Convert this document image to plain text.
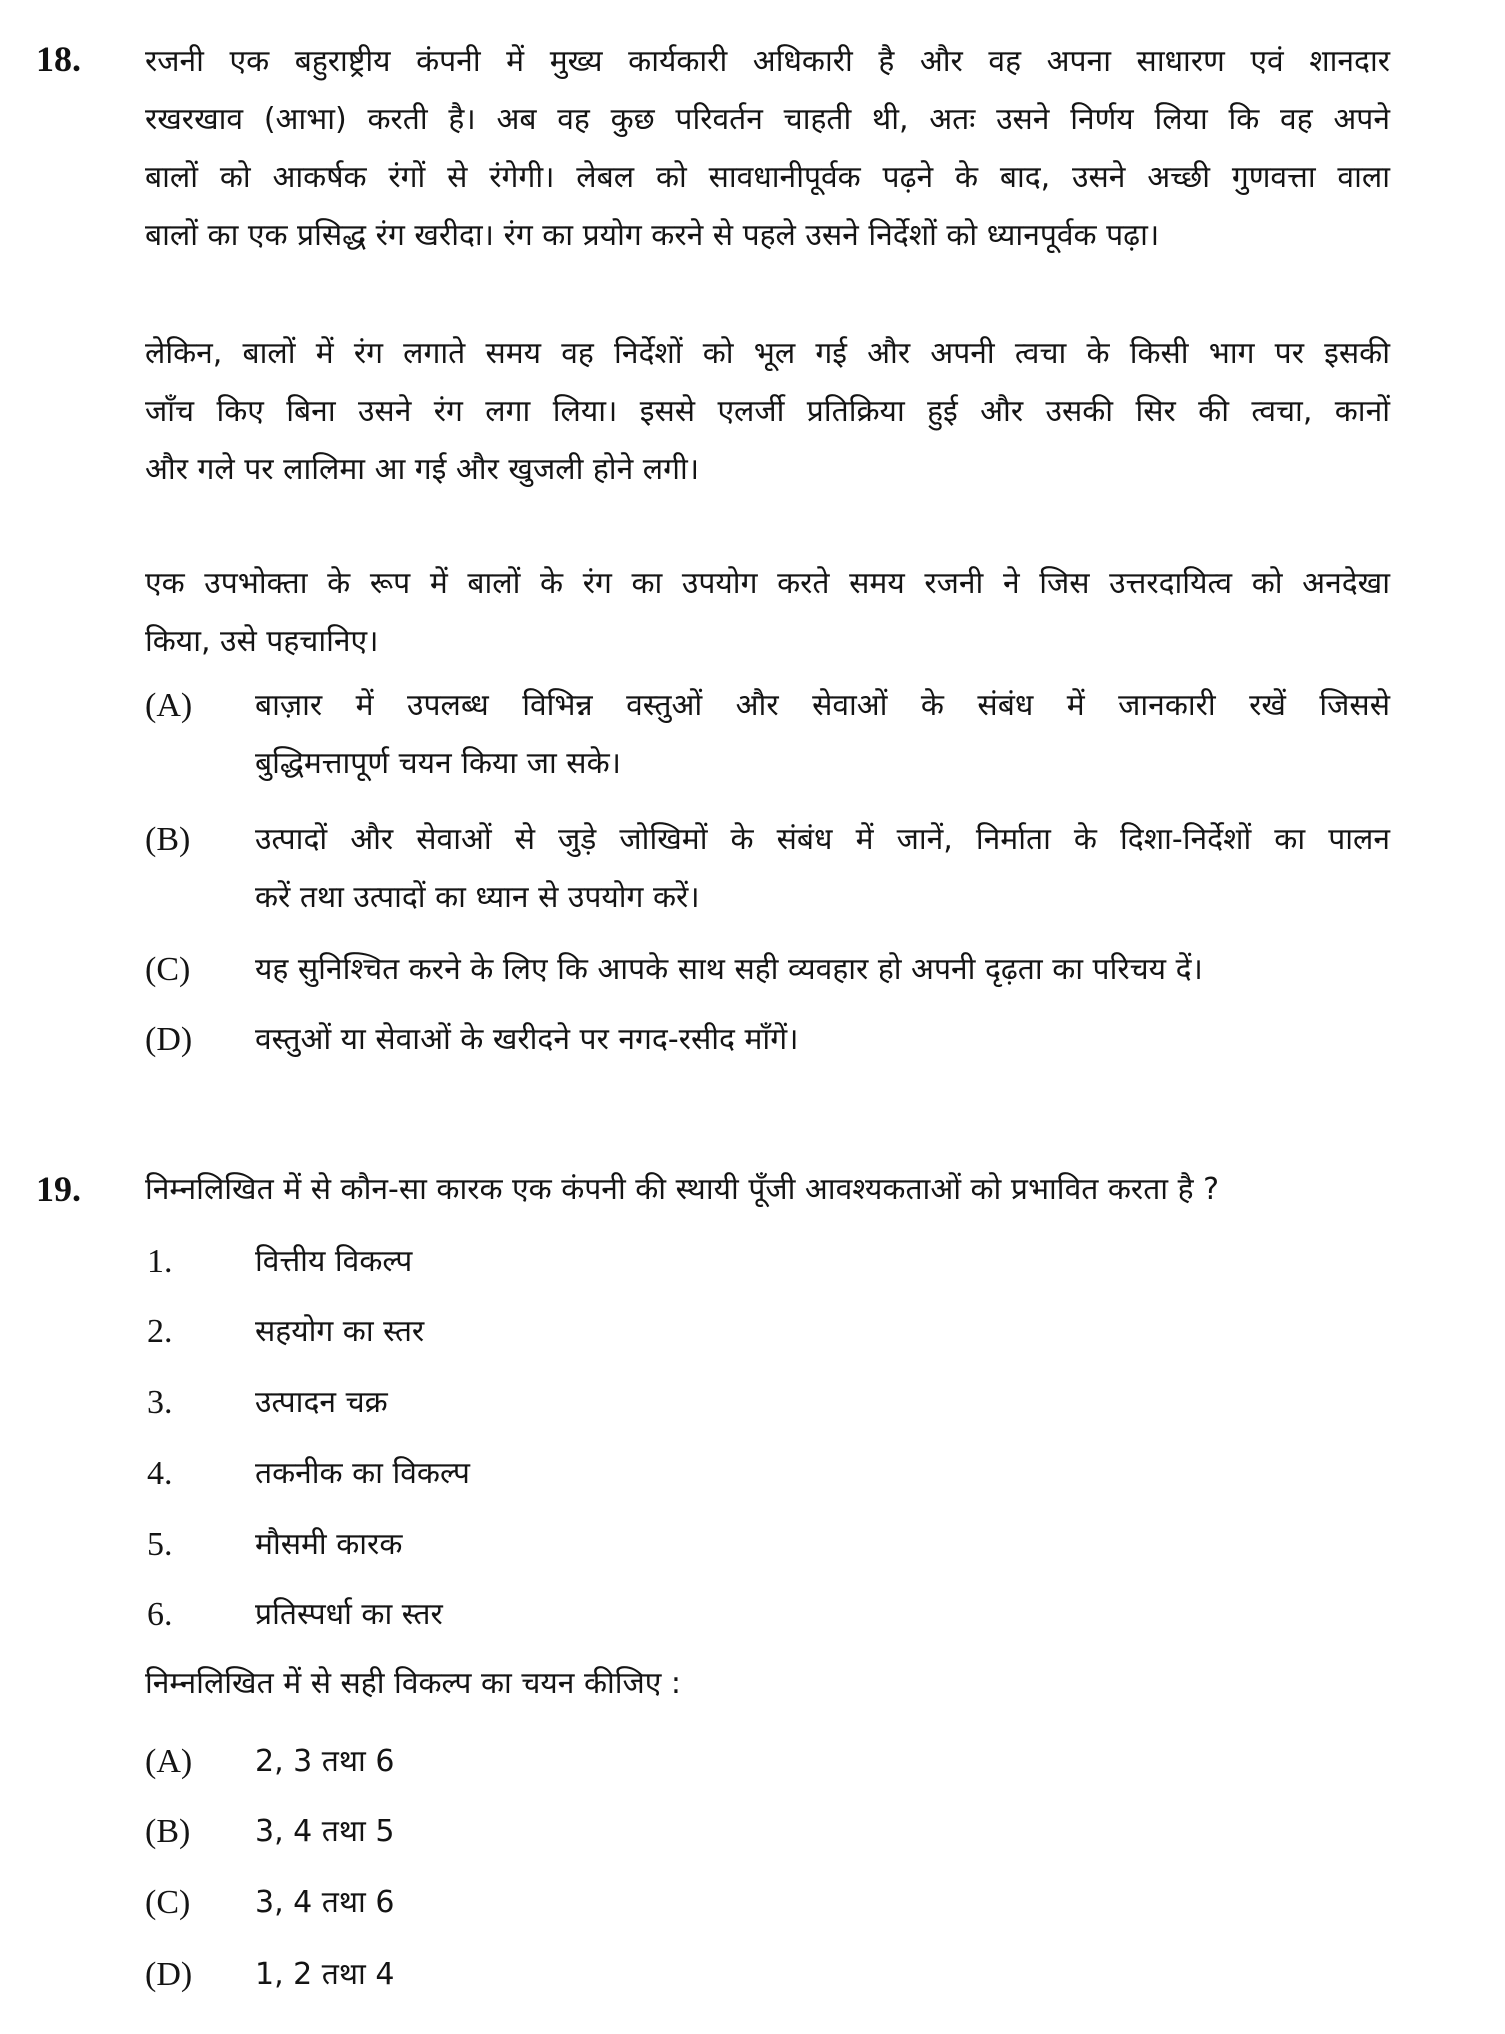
18. रजनी एक बहुराष्ट्रीय कंपनी में मुख्य कार्यकारी अधिकारी है और वह अपना साधारण एवं शानदार
रखरखाव (आभा) करती है। अब वह कुछ परिवर्तन चाहती थी, अतः उसने निर्णय लिया कि वह अपने
बालों को आकर्षक रंगों से रंगेगी। लेबल को सावधानीपूर्वक पढ़ने के बाद, उसने अच्छी गुणवत्ता वाला
बालों का एक प्रसिद्ध रंग खरीदा। रंग का प्रयोग करने से पहले उसने निर्देशों को ध्यानपूर्वक पढ़ा।
लेकिन, बालों में रंग लगाते समय वह निर्देशों को भूल गई और अपनी त्वचा के किसी भाग पर इसकी
जाँच किए बिना उसने रंग लगा लिया। इससे एलर्जी प्रतिक्रिया हुई और उसकी सिर की त्वचा, कानों
और गले पर लालिमा आ गई और खुजली होने लगी।
एक उपभोक्ता के रूप में बालों के रंग का उपयोग करते समय रजनी ने जिस उत्तरदायित्व को अनदेखा
किया, उसे पहचानिए।
(A) बाज़ार में उपलब्ध विभिन्न वस्तुओं और सेवाओं के संबंध में जानकारी रखें जिससे
बुद्धिमत्तापूर्ण चयन किया जा सके।
(B) उत्पादों और सेवाओं से जुड़े जोखिमों के संबंध में जानें, निर्माता के दिशा-निर्देशों का पालन
करें तथा उत्पादों का ध्यान से उपयोग करें।
(C) यह सुनिश्चित करने के लिए कि आपके साथ सही व्यवहार हो अपनी दृढ़ता का परिचय दें।
(D) वस्तुओं या सेवाओं के खरीदने पर नगद-रसीद माँगें।
19. निम्नलिखित में से कौन-सा कारक एक कंपनी की स्थायी पूँजी आवश्यकताओं को प्रभावित करता है ?
1.	वित्तीय विकल्प
2.	सहयोग का स्तर
3.	उत्पादन चक्र
4.	तकनीक का विकल्प
5.	मौसमी कारक
6.	प्रतिस्पर्धा का स्तर
निम्नलिखित में से सही विकल्प का चयन कीजिए :
(A) 2, 3 तथा 6
(B) 3, 4 तथा 5
(C) 3, 4 तथा 6
(D) 1, 2 तथा 4
